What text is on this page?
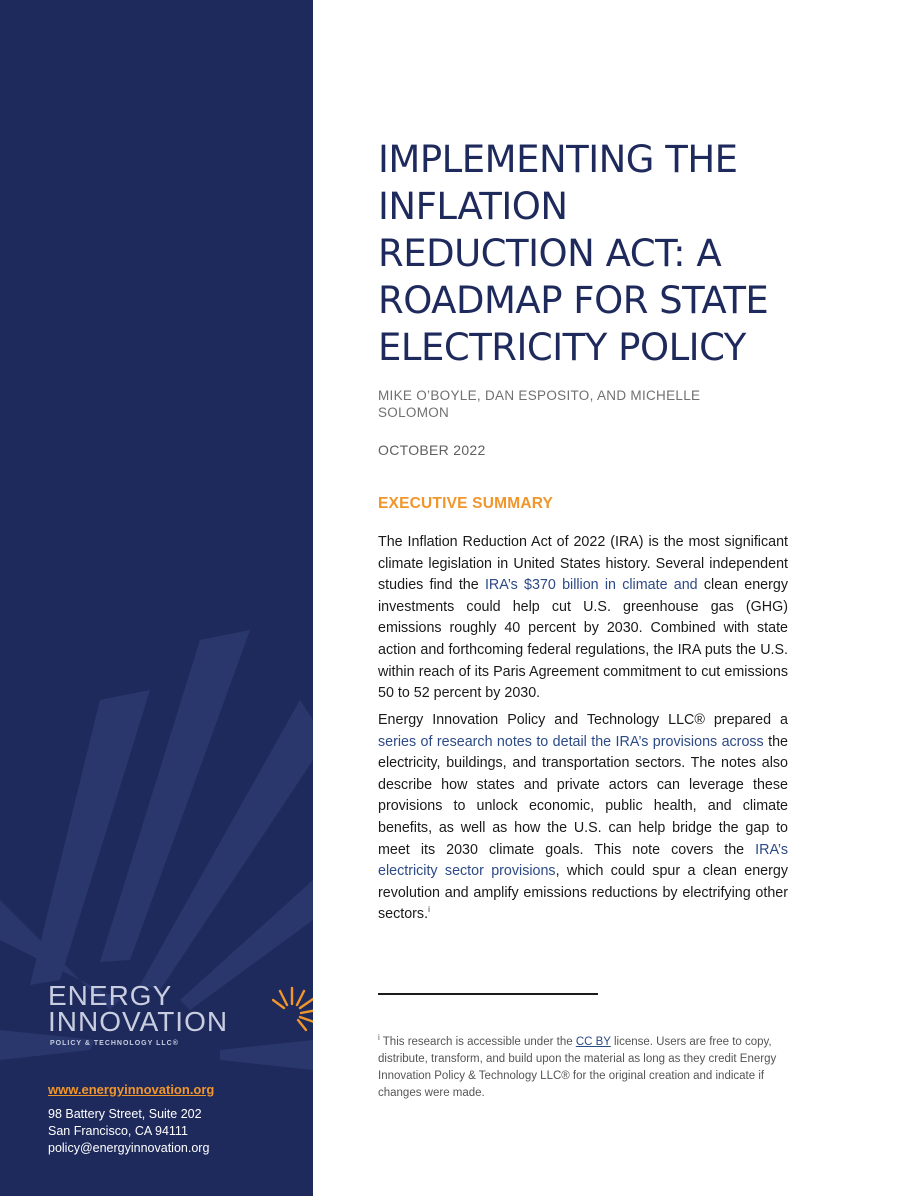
ENERGY
INNOVATION
POLICY & TECHNOLOGY LLC®
www.energyinnovation.org
98 Battery Street, Suite 202
San Francisco, CA 94111
policy@energyinnovation.org
IMPLEMENTING THE
INFLATION
REDUCTION ACT: A
ROADMAP FOR STATE
ELECTRICITY POLICY
MIKE O’BOYLE, DAN ESPOSITO, AND MICHELLE SOLOMON
OCTOBER 2022
EXECUTIVE SUMMARY

The Inflation Reduction Act of 2022 (IRA) is the most significant climate legislation in United States history. Several independent studies find the IRA’s $370 billion in climate and clean energy investments could help cut U.S. greenhouse gas (GHG) emissions roughly 40 percent by 2030. Combined with state action and forthcoming federal regulations, the IRA puts the U.S. within reach of its Paris Agreement commitment to cut emissions 50 to 52 percent by 2030.

Energy Innovation Policy and Technology LLC® prepared a series of research notes to detail the IRA’s provisions across the electricity, buildings, and transportation sectors. The notes also describe how states and private actors can leverage these provisions to unlock economic, public health, and climate benefits, as well as how the U.S. can help bridge the gap to meet its 2030 climate goals. This note covers the IRA’s electricity sector provisions, which could spur a clean energy revolution and amplify emissions reductions by electrifying other sectors.$^i$

$^i$ This research is accessible under the CC BY license. Users are free to copy, distribute, transform, and build upon the material as long as they credit Energy Innovation Policy & Technology LLC® for the original creation and indicate if changes were made.
